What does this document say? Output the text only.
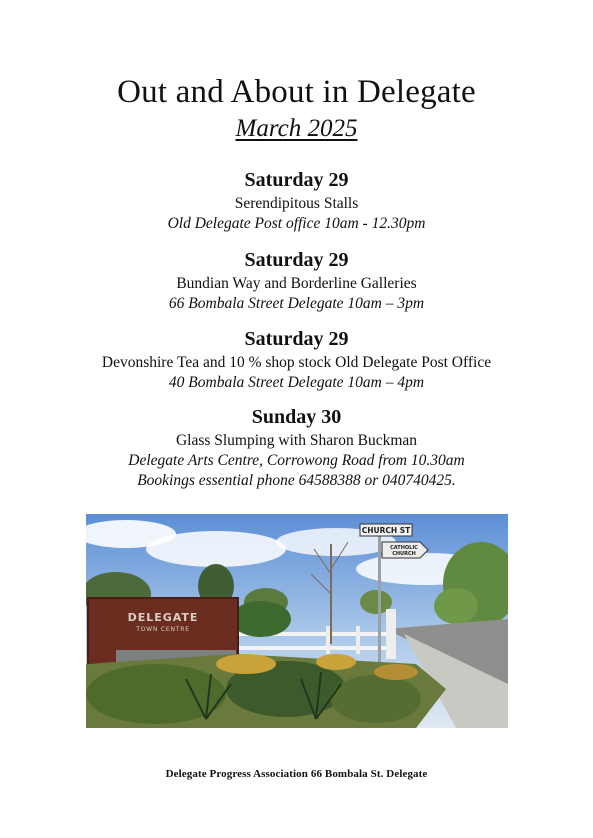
Out and About in Delegate
March 2025
Saturday 29
Serendipitous Stalls
Old Delegate Post office 10am - 12.30pm
Saturday 29
Bundian Way and Borderline Galleries
66 Bombala Street Delegate 10am – 3pm
Saturday 29
Devonshire Tea and 10 % shop stock Old Delegate Post Office
40 Bombala Street Delegate 10am – 4pm
Sunday 30
Glass Slumping with Sharon Buckman
Delegate Arts Centre, Corrowong Road from 10.30am
Bookings essential phone 64588388 or 040740425.
DELEGATE
TOWN CENTRE
CHURCH ST
CATHOLIC
CHURCH
Delegate Progress Association 66 Bombala St. Delegate
